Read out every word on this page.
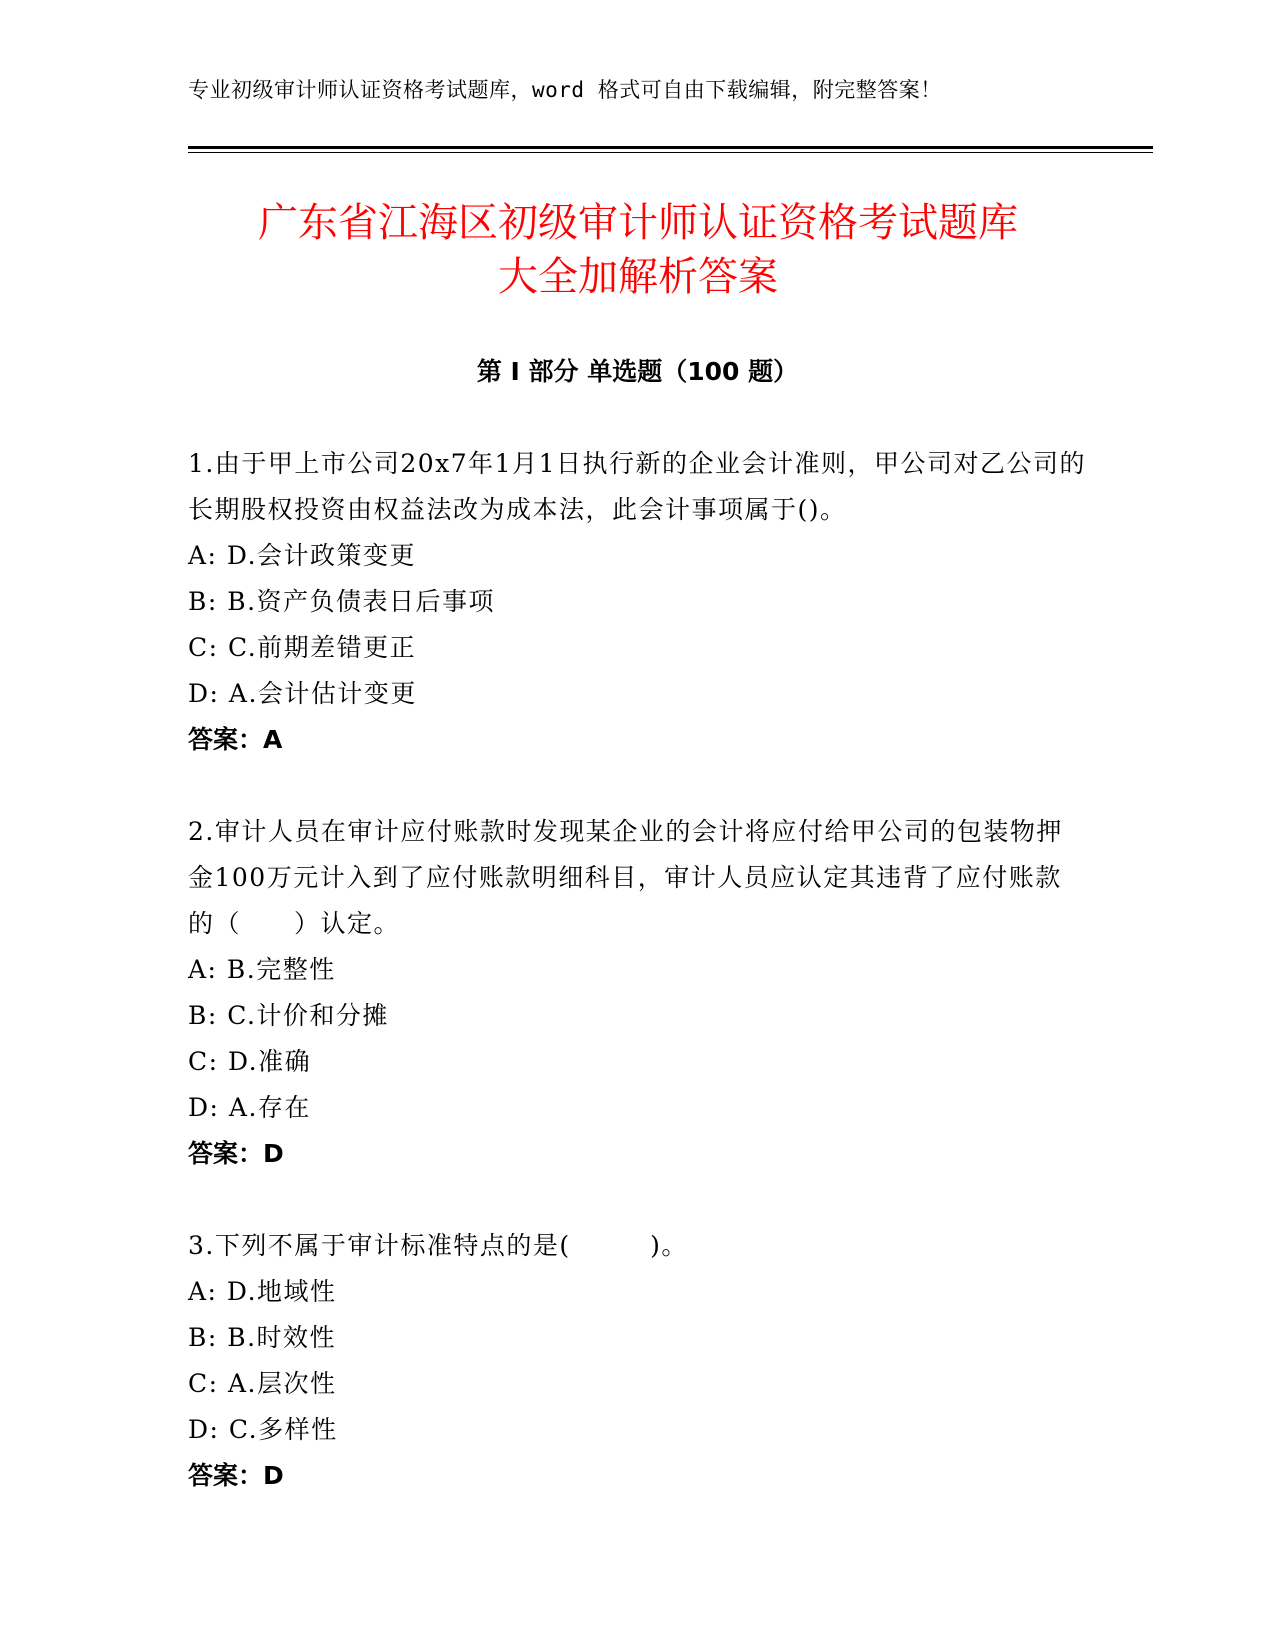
专业初级审计师认证资格考试题库，word 格式可自由下载编辑，附完整答案！
广东省江海区初级审计师认证资格考试题库
大全加解析答案
第 I 部分 单选题（100 题）
1.由于甲上市公司20x7年1月1日执行新的企业会计准则，甲公司对乙公司的长期股权投资由权益法改为成本法，此会计事项属于()。
A: D.会计政策变更
B: B.资产负债表日后事项
C: C.前期差错更正
D: A.会计估计变更
答案：A
2.审计人员在审计应付账款时发现某企业的会计将应付给甲公司的包装物押金100万元计入到了应付账款明细科目，审计人员应认定其违背了应付账款的（　　）认定。
A: B.完整性
B: C.计价和分摊
C: D.准确
D: A.存在
答案：D
3.下列不属于审计标准特点的是(　　　)。
A: D.地域性
B: B.时效性
C: A.层次性
D: C.多样性
答案：D
